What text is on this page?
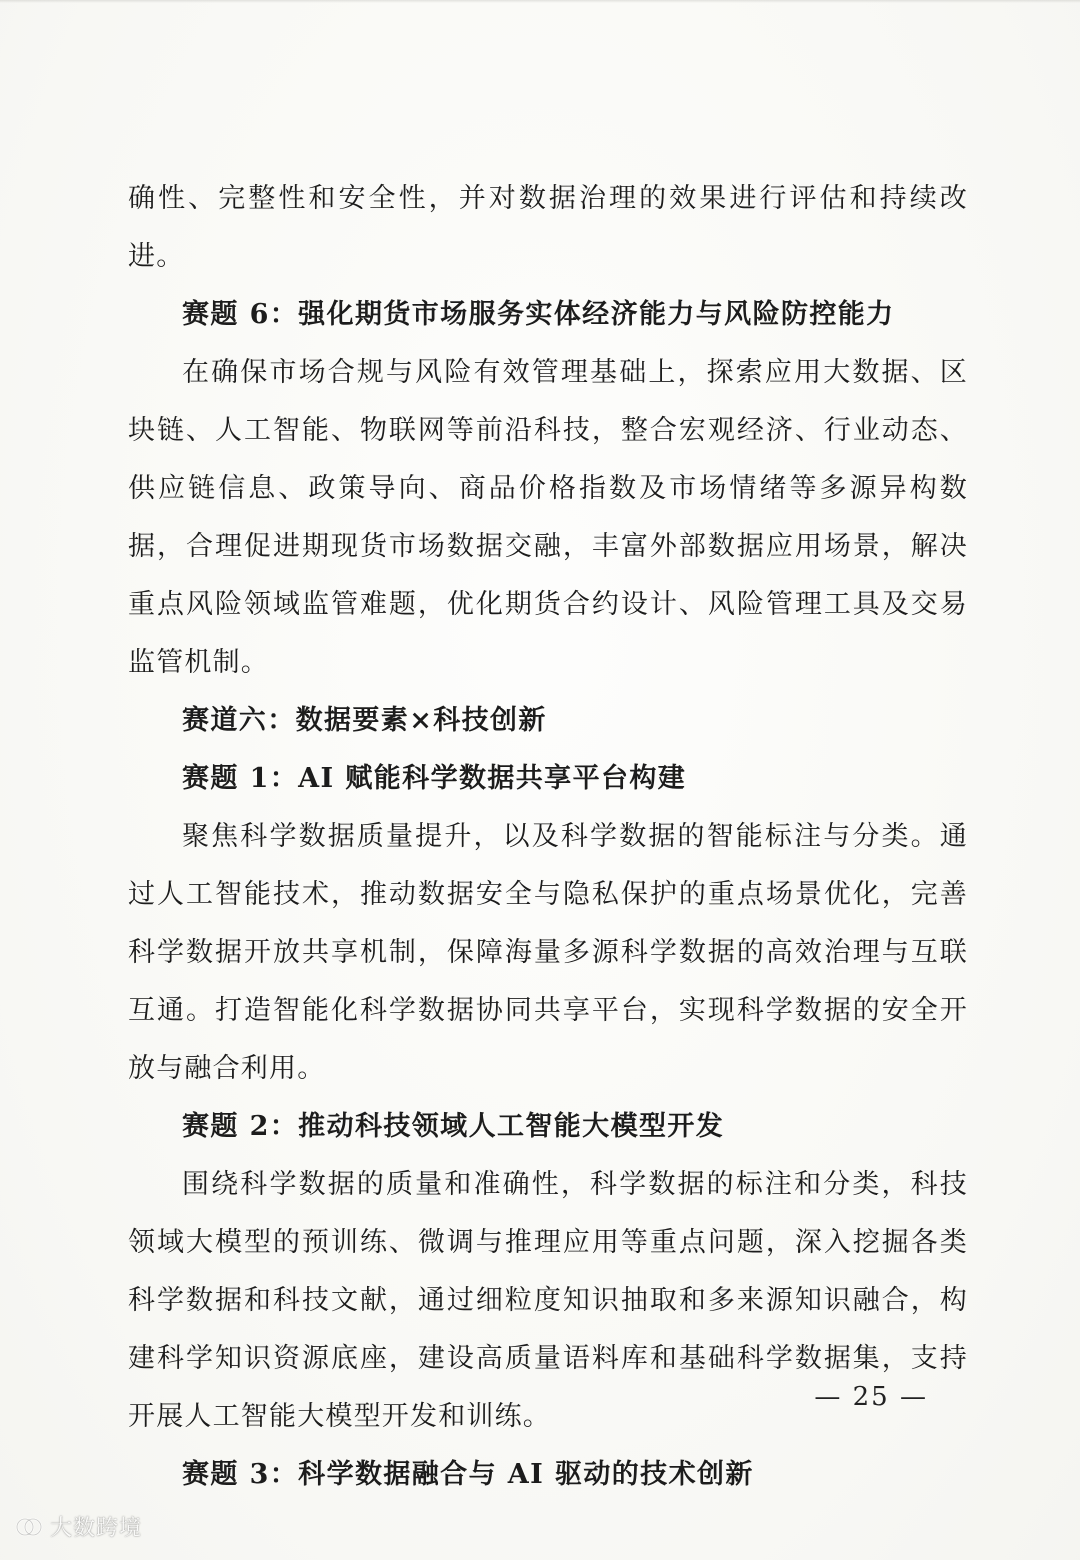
确性、完整性和安全性，并对数据治理的效果进行评估和持续改进。

赛题 6：强化期货市场服务实体经济能力与风险防控能力

在确保市场合规与风险有效管理基础上，探索应用大数据、区块链、人工智能、物联网等前沿科技，整合宏观经济、行业动态、供应链信息、政策导向、商品价格指数及市场情绪等多源异构数据，合理促进期现货市场数据交融，丰富外部数据应用场景，解决重点风险领域监管难题，优化期货合约设计、风险管理工具及交易监管机制。

赛道六：数据要素×科技创新

赛题 1：AI 赋能科学数据共享平台构建

聚焦科学数据质量提升，以及科学数据的智能标注与分类。通过人工智能技术，推动数据安全与隐私保护的重点场景优化，完善科学数据开放共享机制，保障海量多源科学数据的高效治理与互联互通。打造智能化科学数据协同共享平台，实现科学数据的安全开放与融合利用。

赛题 2：推动科技领域人工智能大模型开发

围绕科学数据的质量和准确性，科学数据的标注和分类，科技领域大模型的预训练、微调与推理应用等重点问题，深入挖掘各类科学数据和科技文献，通过细粒度知识抽取和多来源知识融合，构建科学知识资源底座，建设高质量语料库和基础科学数据集，支持开展人工智能大模型开发和训练。

赛题 3：科学数据融合与 AI 驱动的技术创新

— 25 —
大数跨境
